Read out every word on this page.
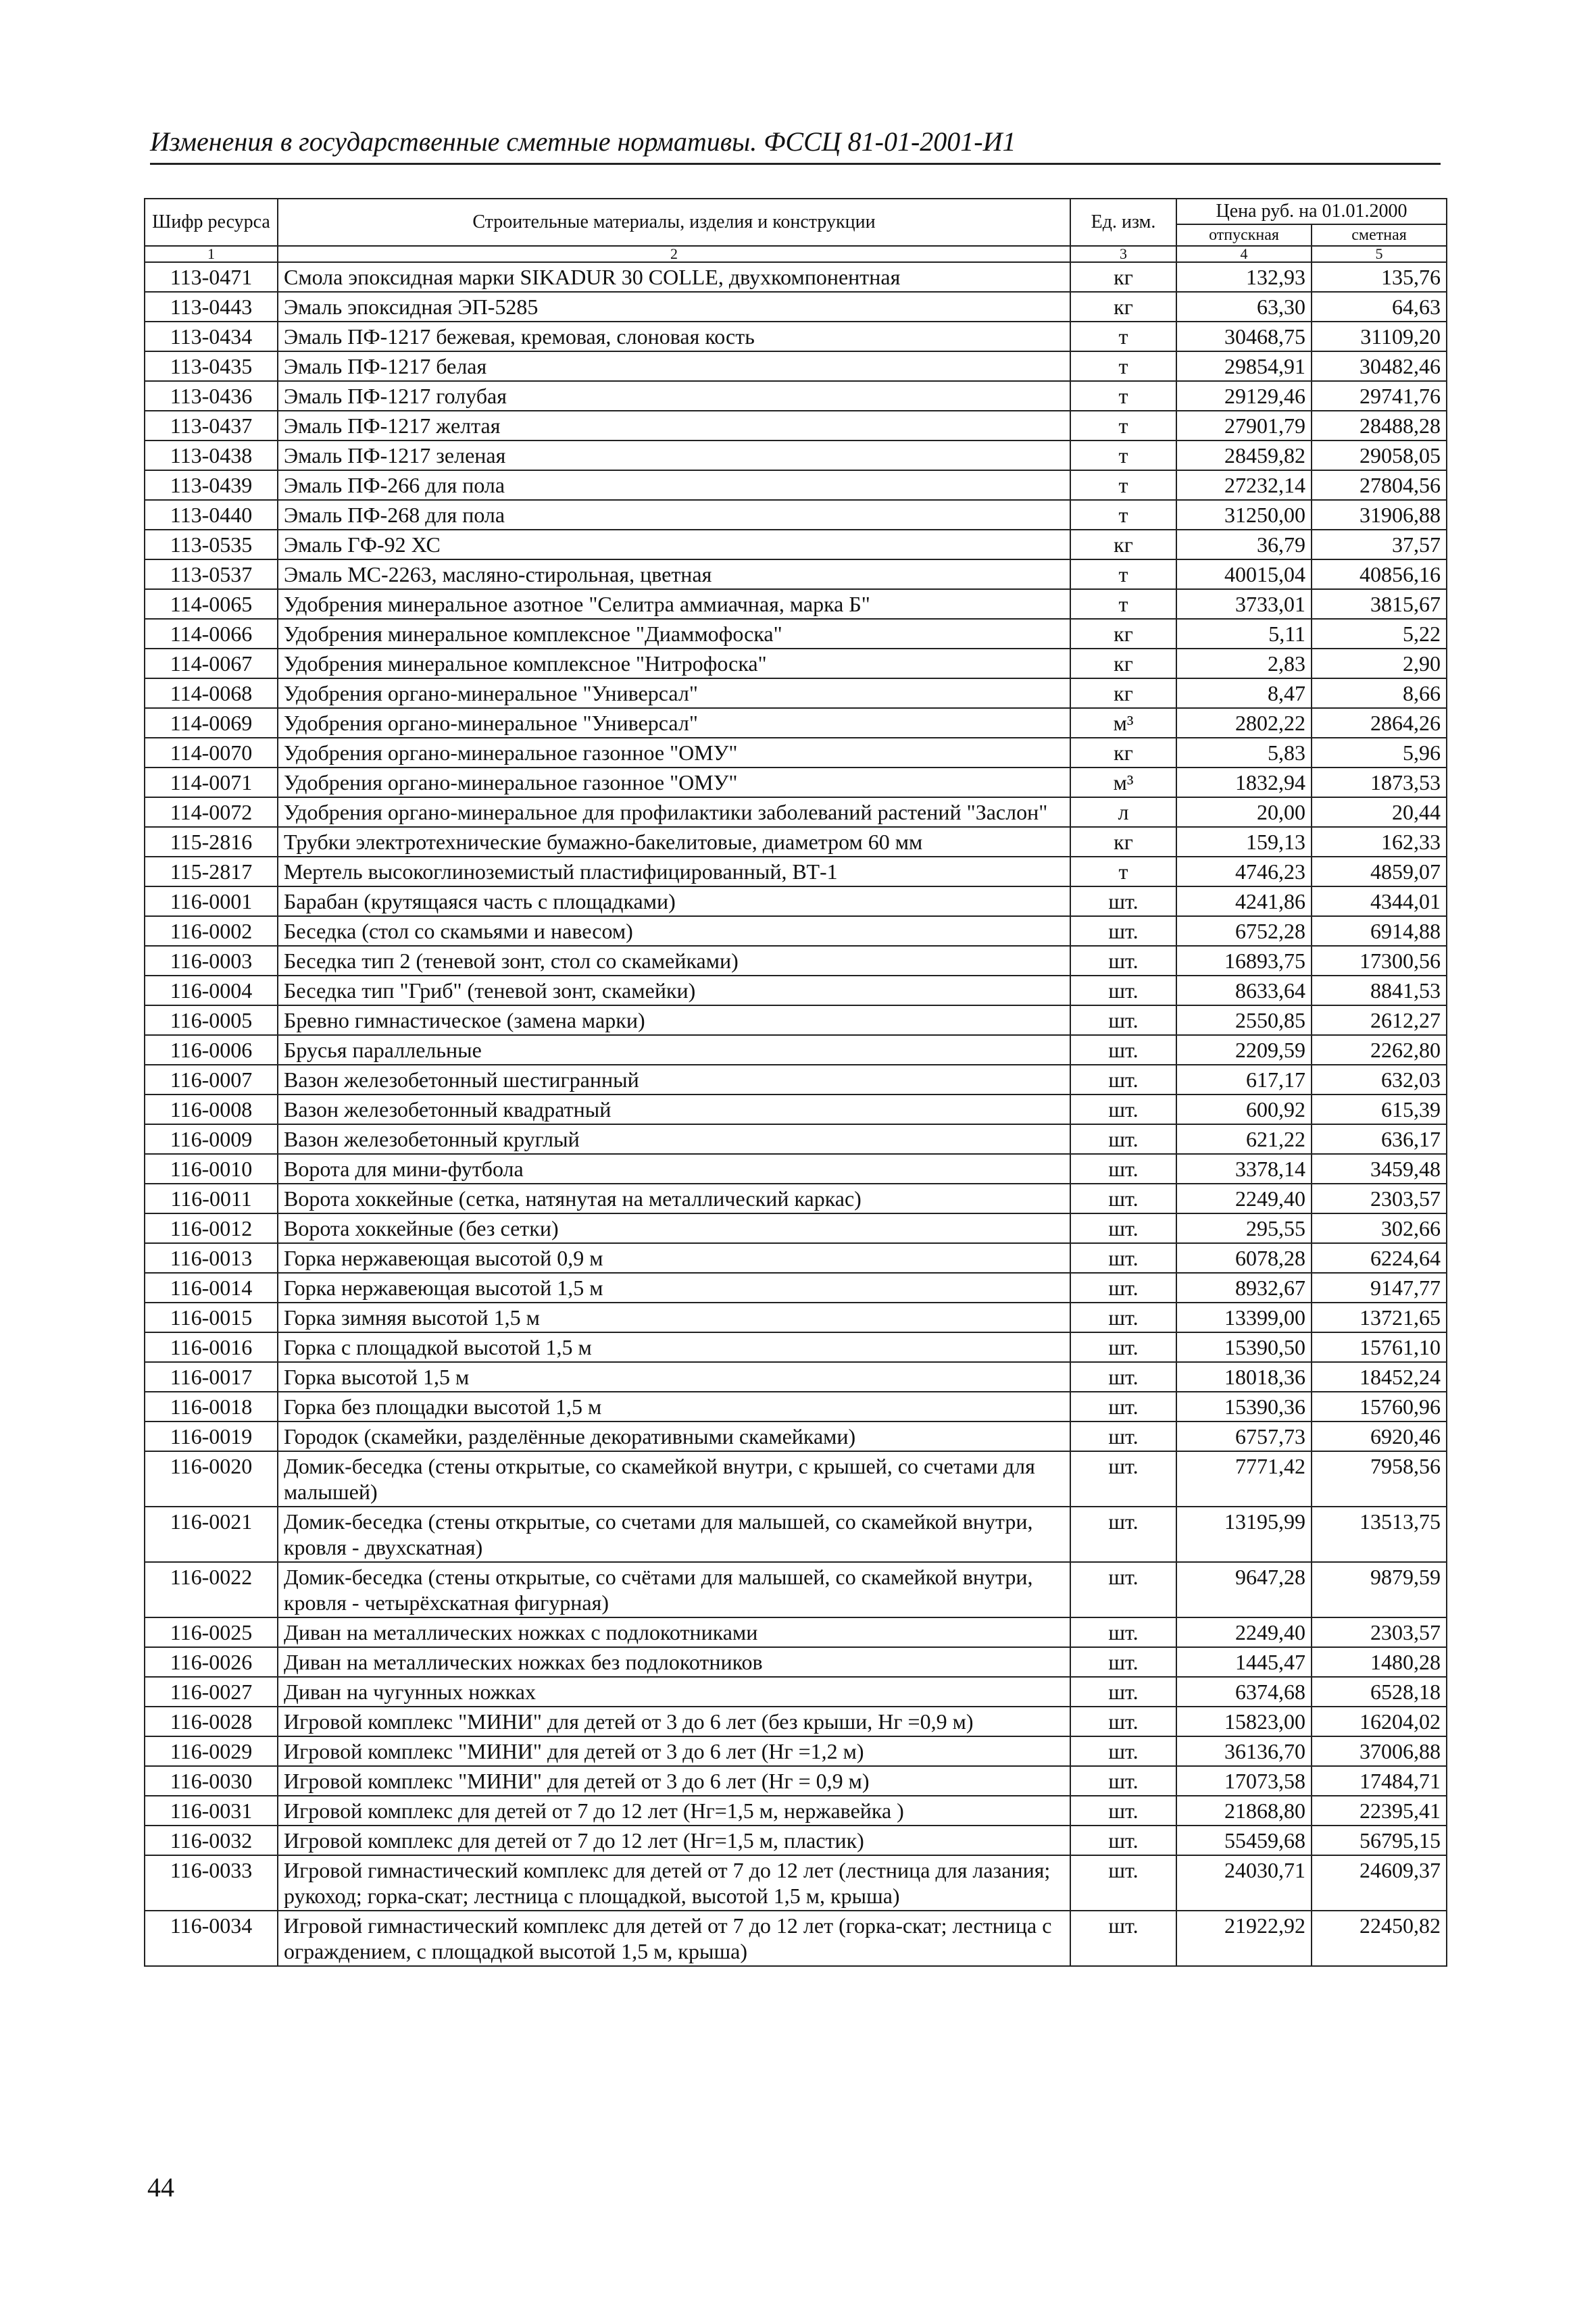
Изменения в государственные сметные нормативы. ФССЦ 81-01-2001-И1
Шифр ресурса	Строительные материалы, изделия и конструкции	Ед. изм.	Цена руб. на 01.01.2000	
			отпускная	сметная
1	2	3	4	5
113-0471	Смола эпоксидная марки SIKADUR 30 COLLE, двухкомпонентная	кг	132,93	135,76
113-0443	Эмаль эпоксидная ЭП-5285	кг	63,30	64,63
113-0434	Эмаль ПФ-1217 бежевая, кремовая, слоновая кость	т	30468,75	31109,20
113-0435	Эмаль ПФ-1217 белая	т	29854,91	30482,46
113-0436	Эмаль ПФ-1217 голубая	т	29129,46	29741,76
113-0437	Эмаль ПФ-1217 желтая	т	27901,79	28488,28
113-0438	Эмаль ПФ-1217 зеленая	т	28459,82	29058,05
113-0439	Эмаль ПФ-266 для пола	т	27232,14	27804,56
113-0440	Эмаль ПФ-268 для пола	т	31250,00	31906,88
113-0535	Эмаль ГФ-92 ХС	кг	36,79	37,57
113-0537	Эмаль МС-2263, масляно-стирольная, цветная	т	40015,04	40856,16
114-0065	Удобрения минеральное азотное "Селитра аммиачная, марка Б"	т	3733,01	3815,67
114-0066	Удобрения минеральное комплексное "Диаммофоска"	кг	5,11	5,22
114-0067	Удобрения минеральное комплексное "Нитрофоска"	кг	2,83	2,90
114-0068	Удобрения органо-минеральное "Универсал"	кг	8,47	8,66
114-0069	Удобрения органо-минеральное "Универсал"	м³	2802,22	2864,26
114-0070	Удобрения органо-минеральное газонное "ОМУ"	кг	5,83	5,96
114-0071	Удобрения органо-минеральное газонное "ОМУ"	м³	1832,94	1873,53
114-0072	Удобрения органо-минеральное для профилактики заболеваний растений "Заслон"	л	20,00	20,44
115-2816	Трубки электротехнические бумажно-бакелитовые, диаметром 60 мм	кг	159,13	162,33
115-2817	Мертель высокоглиноземистый пластифицированный, ВТ-1	т	4746,23	4859,07
116-0001	Барабан (крутящаяся часть с площадками)	шт.	4241,86	4344,01
116-0002	Беседка (стол со скамьями и навесом)	шт.	6752,28	6914,88
116-0003	Беседка тип 2 (теневой зонт, стол со скамейками)	шт.	16893,75	17300,56
116-0004	Беседка тип "Гриб" (теневой зонт, скамейки)	шт.	8633,64	8841,53
116-0005	Бревно гимнастическое (замена марки)	шт.	2550,85	2612,27
116-0006	Брусья параллельные	шт.	2209,59	2262,80
116-0007	Вазон железобетонный шестигранный	шт.	617,17	632,03
116-0008	Вазон железобетонный квадратный	шт.	600,92	615,39
116-0009	Вазон железобетонный круглый	шт.	621,22	636,17
116-0010	Ворота для мини-футбола	шт.	3378,14	3459,48
116-0011	Ворота хоккейные (сетка, натянутая на металлический каркас)	шт.	2249,40	2303,57
116-0012	Ворота хоккейные (без сетки)	шт.	295,55	302,66
116-0013	Горка нержавеющая высотой 0,9 м	шт.	6078,28	6224,64
116-0014	Горка нержавеющая высотой 1,5 м	шт.	8932,67	9147,77
116-0015	Горка зимняя высотой 1,5 м	шт.	13399,00	13721,65
116-0016	Горка с площадкой высотой 1,5 м	шт.	15390,50	15761,10
116-0017	Горка высотой 1,5 м	шт.	18018,36	18452,24
116-0018	Горка без площадки высотой 1,5 м	шт.	15390,36	15760,96
116-0019	Городок (скамейки, разделённые декоративными скамейками)	шт.	6757,73	6920,46
116-0020	Домик-беседка (стены открытые, со скамейкой внутри, с крышей, со счетами для малышей)	шт.	7771,42	7958,56
116-0021	Домик-беседка (стены открытые, со счетами для малышей, со скамейкой внутри, кровля - двухскатная)	шт.	13195,99	13513,75
116-0022	Домик-беседка (стены открытые, со счётами для малышей, со скамейкой внутри, кровля - четырёхскатная фигурная)	шт.	9647,28	9879,59
116-0025	Диван на металлических ножках с подлокотниками	шт.	2249,40	2303,57
116-0026	Диван на металлических ножках без подлокотников	шт.	1445,47	1480,28
116-0027	Диван на чугунных ножках	шт.	6374,68	6528,18
116-0028	Игровой комплекс "МИНИ" для детей от 3 до 6 лет (без крыши, Нг =0,9 м)	шт.	15823,00	16204,02
116-0029	Игровой комплекс "МИНИ" для детей от 3 до 6 лет (Нг =1,2 м)	шт.	36136,70	37006,88
116-0030	Игровой комплекс "МИНИ" для детей от 3 до 6 лет (Нг = 0,9 м)	шт.	17073,58	17484,71
116-0031	Игровой комплекс для детей от 7 до 12 лет (Нг=1,5 м, нержавейка )	шт.	21868,80	22395,41
116-0032	Игровой комплекс для детей от 7 до 12 лет (Нг=1,5 м, пластик)	шт.	55459,68	56795,15
116-0033	Игровой гимнастический комплекс для детей от 7 до 12 лет (лестница для лазания; рукоход; горка-скат; лестница с площадкой, высотой 1,5 м, крыша)	шт.	24030,71	24609,37
116-0034	Игровой гимнастический комплекс для детей от 7 до 12 лет (горка-скат; лестница с ограждением, с площадкой высотой 1,5 м, крыша)	шт.	21922,92	22450,82
44
